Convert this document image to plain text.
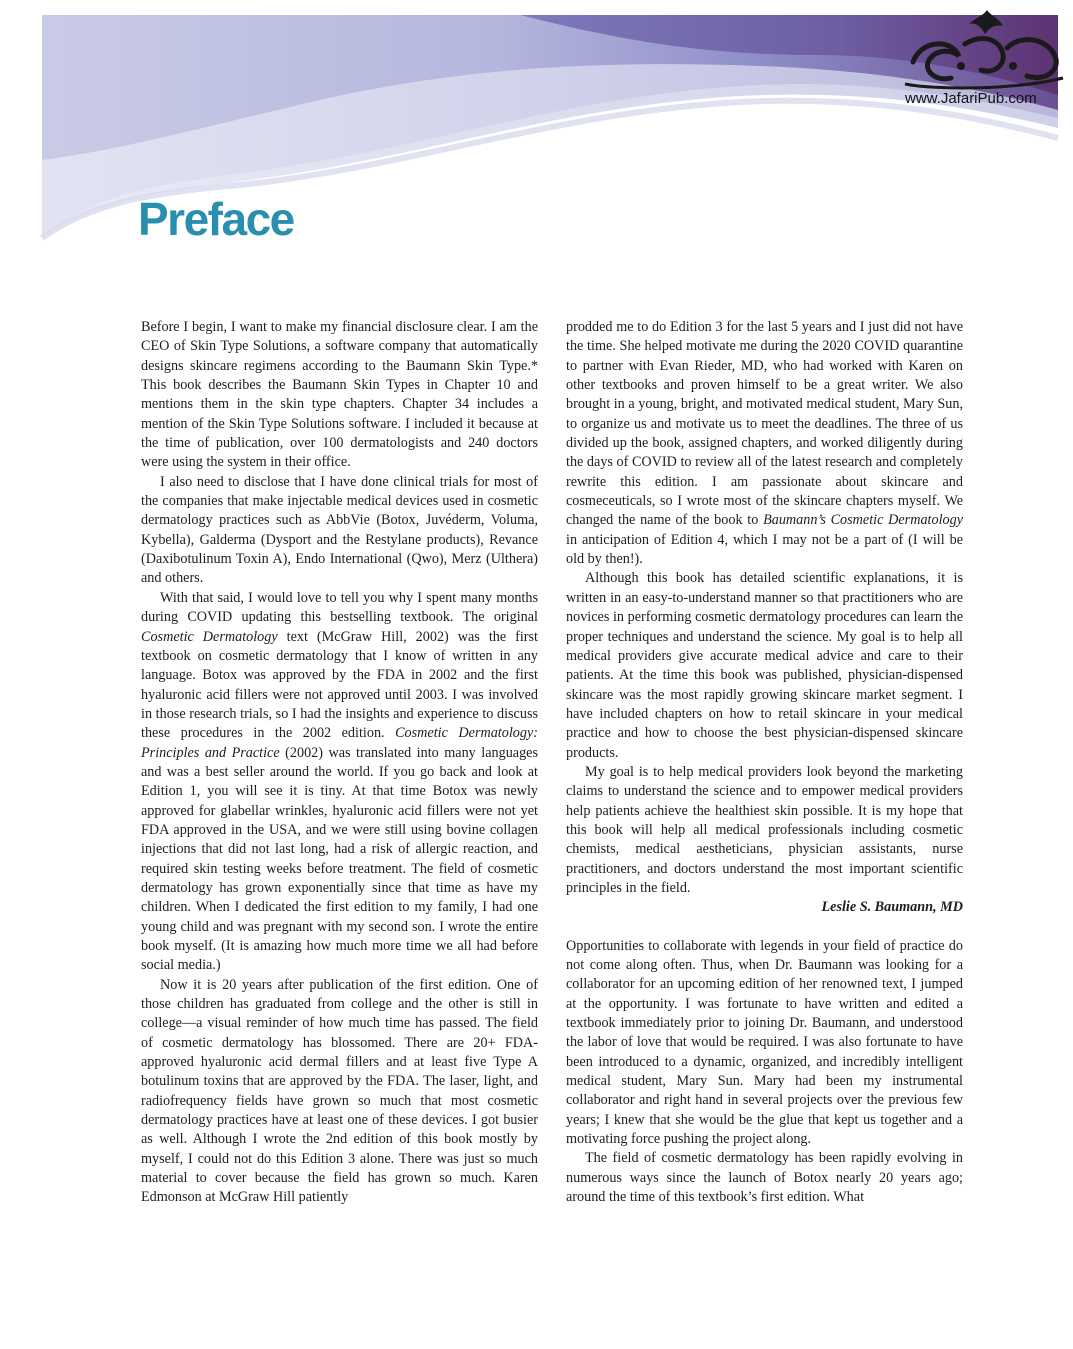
www.JafariPub.com
Preface

Before I begin, I want to make my financial disclosure clear. I am the CEO of Skin Type Solutions, a software company that automatically designs skincare regimens according to the Baumann Skin Type.* This book describes the Baumann Skin Types in Chapter 10 and mentions them in the skin type chapters. Chapter 34 includes a mention of the Skin Type Solutions software. I included it because at the time of publication, over 100 dermatologists and 240 doctors were using the system in their office.

I also need to disclose that I have done clinical trials for most of the companies that make injectable medical devices used in cosmetic dermatology practices such as AbbVie (Botox, Juvéderm, Voluma, Kybella), Galderma (Dysport and the Restylane products), Revance (Daxibotulinum Toxin A), Endo International (Qwo), Merz (Ulthera) and others.

With that said, I would love to tell you why I spent many months during COVID updating this bestselling textbook. The original Cosmetic Dermatology text (McGraw Hill, 2002) was the first textbook on cosmetic dermatology that I know of written in any language. Botox was approved by the FDA in 2002 and the first hyaluronic acid fillers were not approved until 2003. I was involved in those research trials, so I had the insights and experience to discuss these procedures in the 2002 edition. Cosmetic Dermatology: Principles and Practice (2002) was translated into many languages and was a best seller around the world. If you go back and look at Edition 1, you will see it is tiny. At that time Botox was newly approved for glabellar wrinkles, hyaluronic acid fillers were not yet FDA approved in the USA, and we were still using bovine collagen injections that did not last long, had a risk of allergic reaction, and required skin testing weeks before treatment. The field of cosmetic dermatology has grown exponentially since that time as have my children. When I dedicated the first edition to my family, I had one young child and was pregnant with my second son. I wrote the entire book myself. (It is amazing how much more time we all had before social media.)

Now it is 20 years after publication of the first edition. One of those children has graduated from college and the other is still in college—a visual reminder of how much time has passed. The field of cosmetic dermatology has blossomed. There are 20+ FDA-approved hyaluronic acid dermal fillers and at least five Type A botulinum toxins that are approved by the FDA. The laser, light, and radiofrequency fields have grown so much that most cosmetic dermatology practices have at least one of these devices. I got busier as well. Although I wrote the 2nd edition of this book mostly by myself, I could not do this Edition 3 alone. There was just so much material to cover because the field has grown so much. Karen Edmonson at McGraw Hill patiently

prodded me to do Edition 3 for the last 5 years and I just did not have the time. She helped motivate me during the 2020 COVID quarantine to partner with Evan Rieder, MD, who had worked with Karen on other textbooks and proven himself to be a great writer. We also brought in a young, bright, and motivated medical student, Mary Sun, to organize us and motivate us to meet the deadlines. The three of us divided up the book, assigned chapters, and worked diligently during the days of COVID to review all of the latest research and completely rewrite this edition. I am passionate about skincare and cosmeceuticals, so I wrote most of the skincare chapters myself. We changed the name of the book to Baumann’s Cosmetic Dermatology in anticipation of Edition 4, which I may not be a part of (I will be old by then!).

Although this book has detailed scientific explanations, it is written in an easy-to-understand manner so that practitioners who are novices in performing cosmetic dermatology procedures can learn the proper techniques and understand the science. My goal is to help all medical providers give accurate medical advice and care to their patients. At the time this book was published, physician-dispensed skincare was the most rapidly growing skincare market segment. I have included chapters on how to retail skincare in your medical practice and how to choose the best physician-dispensed skincare products.

My goal is to help medical providers look beyond the marketing claims to understand the science and to empower medical providers help patients achieve the healthiest skin possible. It is my hope that this book will help all medical professionals including cosmetic chemists, medical aestheticians, physician assistants, nurse practitioners, and doctors understand the most important scientific principles in the field.

Leslie S. Baumann, MD

Opportunities to collaborate with legends in your field of practice do not come along often. Thus, when Dr. Baumann was looking for a collaborator for an upcoming edition of her renowned text, I jumped at the opportunity. I was fortunate to have written and edited a textbook immediately prior to joining Dr. Baumann, and understood the labor of love that would be required. I was also fortunate to have been introduced to a dynamic, organized, and incredibly intelligent medical student, Mary Sun. Mary had been my instrumental collaborator and right hand in several projects over the previous few years; I knew that she would be the glue that kept us together and a motivating force pushing the project along.

The field of cosmetic dermatology has been rapidly evolving in numerous ways since the launch of Botox nearly 20 years ago; around the time of this textbook’s first edition. What
